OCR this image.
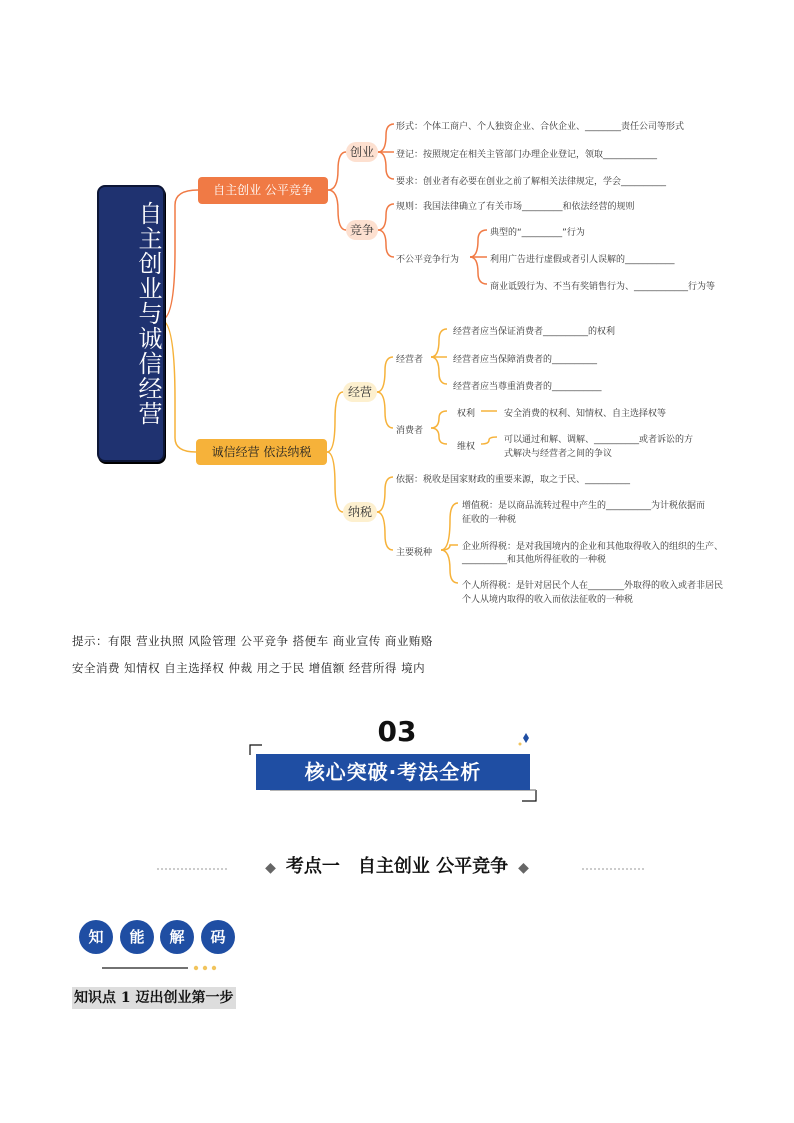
自主创业与诚信经营
自主创业 公平竞争
创业
形式：个体工商户、个人独资企业、合伙企业、________责任公司等形式
登记：按照规定在相关主管部门办理企业登记，领取____________
要求：创业者有必要在创业之前了解相关法律规定，学会__________
竞争
规则：我国法律确立了有关市场_________和依法经营的规则
不公平竞争行为
典型的“_________”行为
利用广告进行虚假或者引人误解的___________
商业诋毁行为、不当有奖销售行为、____________行为等
诚信经营 依法纳税
经营
经营者
经营者应当保证消费者__________的权利
经营者应当保障消费者的__________
经营者应当尊重消费者的___________
消费者
权利	安全消费的权利、知情权、自主选择权等
维权
可以通过和解、调解、__________或者诉讼的方
式解决与经营者之间的争议
纳税
依据：税收是国家财政的重要来源，取之于民、__________
主要税种
增值税：是以商品流转过程中产生的__________为计税依据而
征收的一种税
企业所得税：是对我国境内的企业和其他取得收入的组织的生产、
__________和其他所得征收的一种税
个人所得税：是针对居民个人在________外取得的收入或者非居民
个人从境内取得的收入而依法征收的一种税
提示：有限 营业执照 风险管理 公平竞争 搭便车 商业宣传 商业贿赂
安全消费 知情权 自主选择权 仲裁 用之于民 增值额 经营所得 境内
03
核心突破·考法全析
◆ 考点一　自主创业 公平竞争 ◆
知	能	解	码
知识点 1 迈出创业第一步
